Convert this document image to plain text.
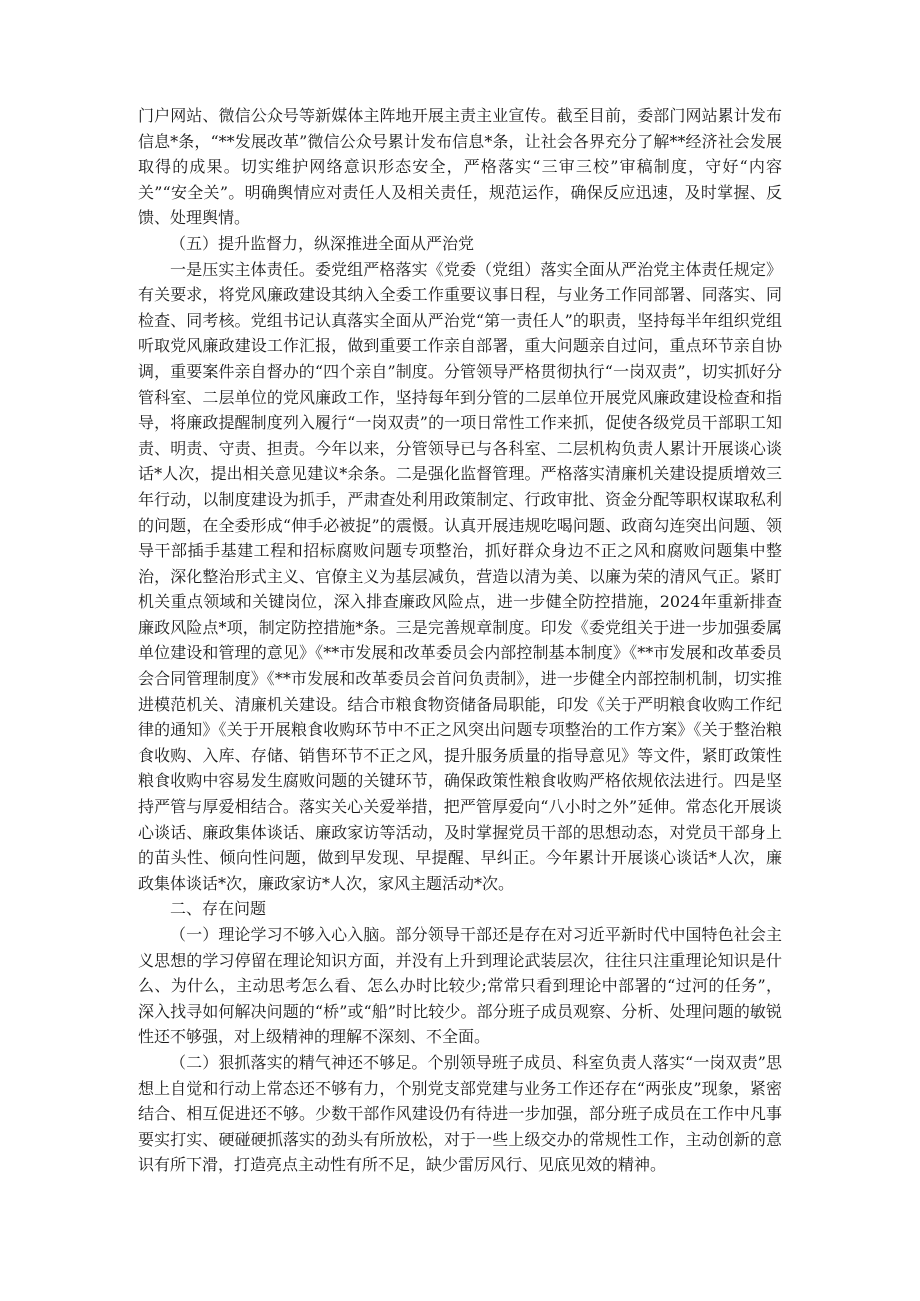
门户网站、微信公众号等新媒体主阵地开展主责主业宣传。截至目前，委部门网站累计发布信息*条，“**发展改革”微信公众号累计发布信息*条，让社会各界充分了解**经济社会发展取得的成果。切实维护网络意识形态安全，严格落实“三审三校”审稿制度，守好“内容关”“安全关”。明确舆情应对责任人及相关责任，规范运作，确保反应迅速，及时掌握、反馈、处理舆情。

（五）提升监督力，纵深推进全面从严治党

一是压实主体责任。委党组严格落实《党委（党组）落实全面从严治党主体责任规定》有关要求，将党风廉政建设其纳入全委工作重要议事日程，与业务工作同部署、同落实、同检查、同考核。党组书记认真落实全面从严治党“第一责任人”的职责，坚持每半年组织党组听取党风廉政建设工作汇报，做到重要工作亲自部署，重大问题亲自过问，重点环节亲自协调，重要案件亲自督办的“四个亲自”制度。分管领导严格贯彻执行“一岗双责”，切实抓好分管科室、二层单位的党风廉政工作，坚持每年到分管的二层单位开展党风廉政建设检查和指导，将廉政提醒制度列入履行“一岗双责”的一项日常性工作来抓，促使各级党员干部职工知责、明责、守责、担责。今年以来，分管领导已与各科室、二层机构负责人累计开展谈心谈话*人次，提出相关意见建议*余条。二是强化监督管理。严格落实清廉机关建设提质增效三年行动，以制度建设为抓手，严肃查处利用政策制定、行政审批、资金分配等职权谋取私利的问题，在全委形成“伸手必被捉”的震慑。认真开展违规吃喝问题、政商勾连突出问题、领导干部插手基建工程和招标腐败问题专项整治，抓好群众身边不正之风和腐败问题集中整治，深化整治形式主义、官僚主义为基层减负，营造以清为美、以廉为荣的清风气正。紧盯机关重点领域和关键岗位，深入排查廉政风险点，进一步健全防控措施，2024年重新排查廉政风险点*项，制定防控措施*条。三是完善规章制度。印发《委党组关于进一步加强委属单位建设和管理的意见》《**市发展和改革委员会内部控制基本制度》《**市发展和改革委员会合同管理制度》《**市发展和改革委员会首问负责制》，进一步健全内部控制机制，切实推进模范机关、清廉机关建设。结合市粮食物资储备局职能，印发《关于严明粮食收购工作纪律的通知》《关于开展粮食收购环节中不正之风突出问题专项整治的工作方案》《关于整治粮食收购、入库、存储、销售环节不正之风，提升服务质量的指导意见》等文件，紧盯政策性粮食收购中容易发生腐败问题的关键环节，确保政策性粮食收购严格依规依法进行。四是坚持严管与厚爱相结合。落实关心关爱举措，把严管厚爱向“八小时之外”延伸。常态化开展谈心谈话、廉政集体谈话、廉政家访等活动，及时掌握党员干部的思想动态，对党员干部身上的苗头性、倾向性问题，做到早发现、早提醒、早纠正。今年累计开展谈心谈话*人次，廉政集体谈话*次，廉政家访*人次，家风主题活动*次。

二、存在问题

（一）理论学习不够入心入脑。部分领导干部还是存在对习近平新时代中国特色社会主义思想的学习停留在理论知识方面，并没有上升到理论武装层次，往往只注重理论知识是什么、为什么，主动思考怎么看、怎么办时比较少;常常只看到理论中部署的“过河的任务”，深入找寻如何解决问题的“桥”或“船”时比较少。部分班子成员观察、分析、处理问题的敏锐性还不够强，对上级精神的理解不深刻、不全面。

（二）狠抓落实的精气神还不够足。个别领导班子成员、科室负责人落实“一岗双责”思想上自觉和行动上常态还不够有力，个别党支部党建与业务工作还存在“两张皮”现象，紧密结合、相互促进还不够。少数干部作风建设仍有待进一步加强，部分班子成员在工作中凡事要实打实、硬碰硬抓落实的劲头有所放松，对于一些上级交办的常规性工作，主动创新的意识有所下滑，打造亮点主动性有所不足，缺少雷厉风行、见底见效的精神。
